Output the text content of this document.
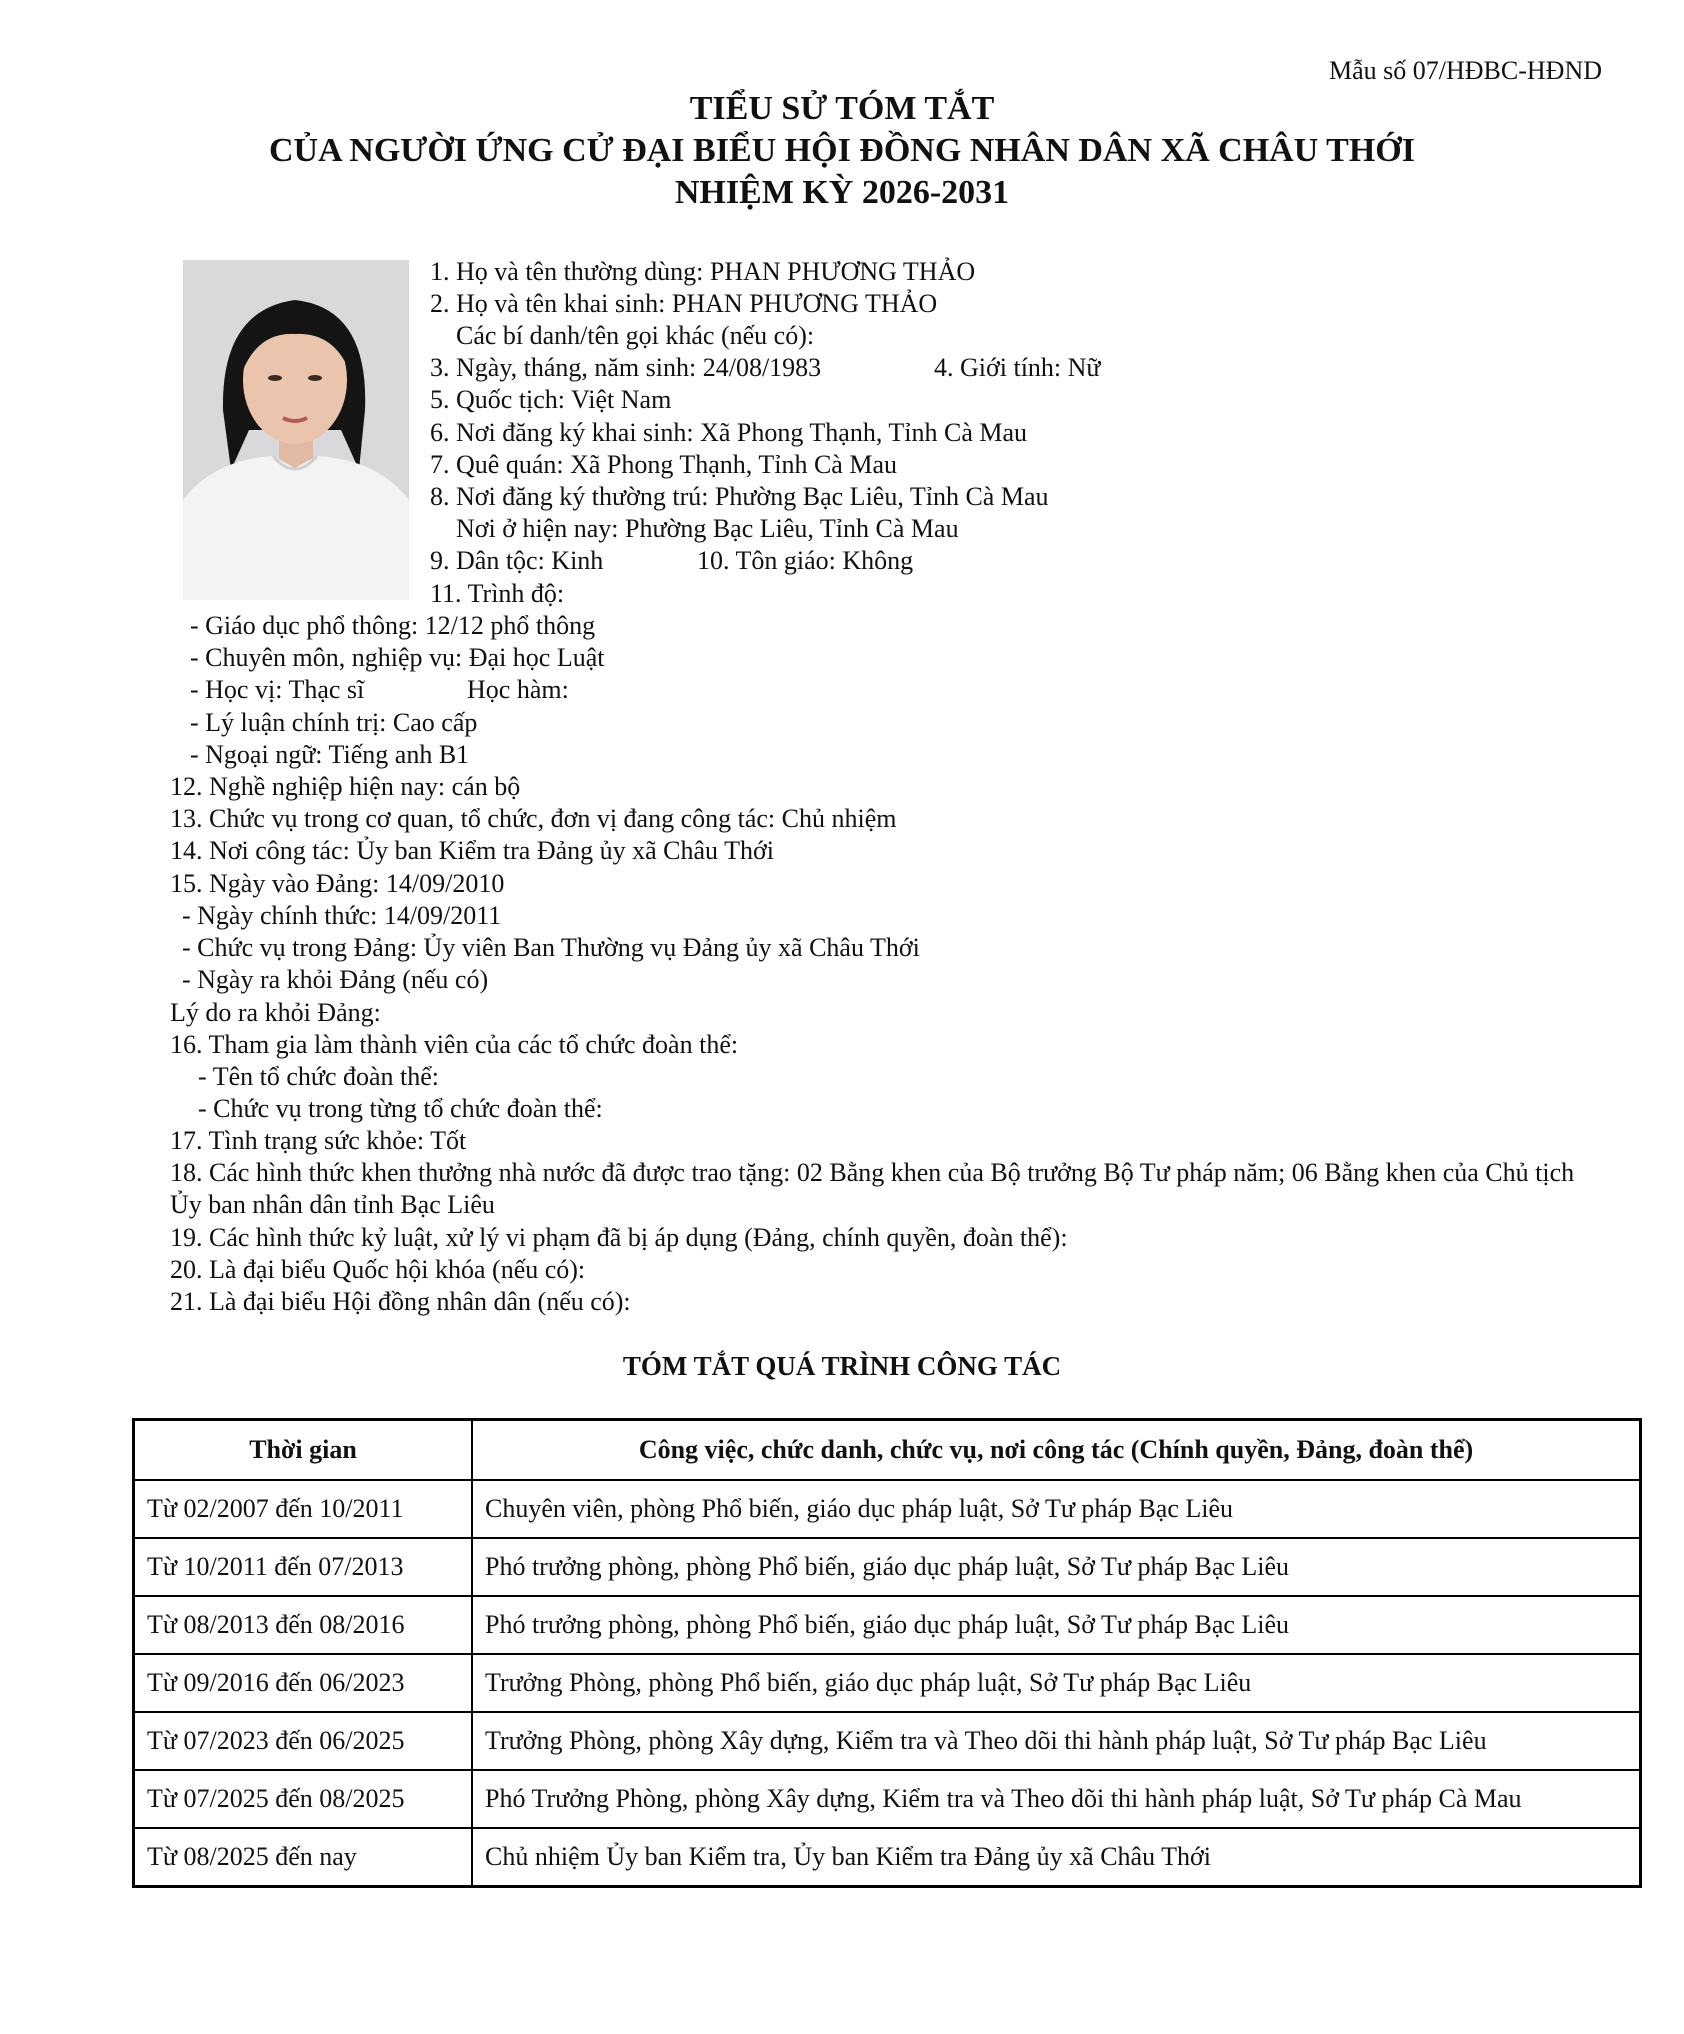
Mẫu số 07/HĐBC-HĐND
TIỂU SỬ TÓM TẮT
CỦA NGƯỜI ỨNG CỬ ĐẠI BIỂU HỘI ĐỒNG NHÂN DÂN XÃ CHÂU THỚI
NHIỆM KỲ 2026-2031
1. Họ và tên thường dùng: PHAN PHƯƠNG THẢO
2. Họ và tên khai sinh: PHAN PHƯƠNG THẢO
Các bí danh/tên gọi khác (nếu có):
3. Ngày, tháng, năm sinh: 24/08/1983	4. Giới tính: Nữ
5. Quốc tịch: Việt Nam
6. Nơi đăng ký khai sinh: Xã Phong Thạnh, Tỉnh Cà Mau
7. Quê quán: Xã Phong Thạnh, Tỉnh Cà Mau
8. Nơi đăng ký thường trú: Phường Bạc Liêu, Tỉnh Cà Mau
Nơi ở hiện nay: Phường Bạc Liêu, Tỉnh Cà Mau
9. Dân tộc: Kinh	10. Tôn giáo: Không
11. Trình độ:
- Giáo dục phổ thông: 12/12 phổ thông
- Chuyên môn, nghiệp vụ: Đại học Luật
- Học vị: Thạc sĩ	Học hàm:
- Lý luận chính trị: Cao cấp
- Ngoại ngữ: Tiếng anh B1
12. Nghề nghiệp hiện nay: cán bộ
13. Chức vụ trong cơ quan, tổ chức, đơn vị đang công tác: Chủ nhiệm
14. Nơi công tác: Ủy ban Kiểm tra Đảng ủy xã Châu Thới
15. Ngày vào Đảng: 14/09/2010
- Ngày chính thức: 14/09/2011
- Chức vụ trong Đảng: Ủy viên Ban Thường vụ Đảng ủy xã Châu Thới
- Ngày ra khỏi Đảng (nếu có)
Lý do ra khỏi Đảng:
16. Tham gia làm thành viên của các tổ chức đoàn thể:
- Tên tổ chức đoàn thể:
- Chức vụ trong từng tổ chức đoàn thể:
17. Tình trạng sức khỏe: Tốt
18. Các hình thức khen thưởng nhà nước đã được trao tặng: 02 Bằng khen của Bộ trưởng Bộ Tư pháp năm; 06 Bằng khen của Chủ tịch Ủy ban nhân dân tỉnh Bạc Liêu
19. Các hình thức kỷ luật, xử lý vi phạm đã bị áp dụng (Đảng, chính quyền, đoàn thể):
20. Là đại biểu Quốc hội khóa (nếu có):
21. Là đại biểu Hội đồng nhân dân (nếu có):
TÓM TẮT QUÁ TRÌNH CÔNG TÁC
Thời gian	Công việc, chức danh, chức vụ, nơi công tác (Chính quyền, Đảng, đoàn thể)
Từ 02/2007 đến 10/2011	Chuyên viên, phòng Phổ biến, giáo dục pháp luật, Sở Tư pháp Bạc Liêu
Từ 10/2011 đến 07/2013	Phó trưởng phòng, phòng Phổ biến, giáo dục pháp luật, Sở Tư pháp Bạc Liêu
Từ 08/2013 đến 08/2016	Phó trưởng phòng, phòng Phổ biến, giáo dục pháp luật, Sở Tư pháp Bạc Liêu
Từ 09/2016 đến 06/2023	Trưởng Phòng, phòng Phổ biến, giáo dục pháp luật, Sở Tư pháp Bạc Liêu
Từ 07/2023 đến 06/2025	Trưởng Phòng, phòng Xây dựng, Kiểm tra và Theo dõi thi hành pháp luật, Sở Tư pháp Bạc Liêu
Từ 07/2025 đến 08/2025	Phó Trưởng Phòng, phòng Xây dựng, Kiểm tra và Theo dõi thi hành pháp luật, Sở Tư pháp Cà Mau
Từ 08/2025 đến nay	Chủ nhiệm Ủy ban Kiểm tra, Ủy ban Kiểm tra Đảng ủy xã Châu Thới
